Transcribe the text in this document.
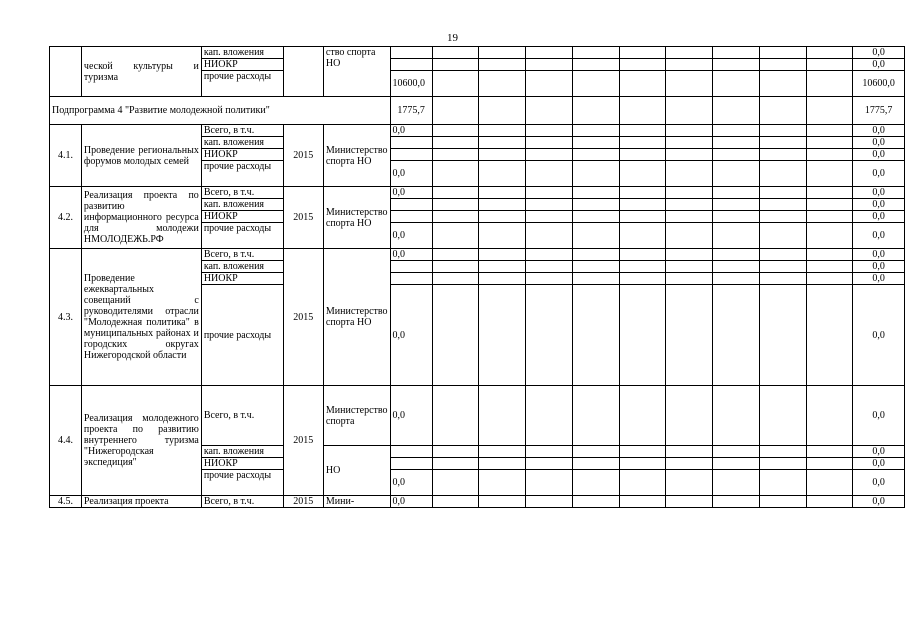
19
	ческой культуры и туризма	кап. вложения		ство спорта НО											0,0
		НИОКР													0,0
		прочие расходы			10600,0										10600,0
Подпрограмма 4 "Развитие молодежной политики"					1775,7										1775,7
4.1.	Проведение региональных форумов молодых семей	Всего, в т.ч.	2015	Министерство спорта НО	0,0										0,0
		кап. вложения													0,0
		НИОКР													0,0
		прочие расходы			0,0										0,0
4.2.	Реализация проекта по развитию информационного ресурса для молодежи НМОЛОДЕЖЬ.РФ	Всего, в т.ч.	2015	Министерство спорта НО	0,0										0,0
		кап. вложения													0,0
		НИОКР													0,0
		прочие расходы			0,0										0,0
4.3.	Проведение ежеквартальных совещаний с руководителями отрасли "Молодежная политика" в муниципальных районах и городских округах Нижегородской области	Всего, в т.ч.	2015	Министерство спорта НО	0,0										0,0
		кап. вложения													0,0
		НИОКР													0,0
		прочие расходы			0,0										0,0
4.4.	Реализация молодежного проекта по развитию внутреннего туризма "Нижегородская экспедиция"	Всего, в т.ч.	2015	Министерство спорта	0,0										0,0
		кап. вложения		НО											0,0
		НИОКР													0,0
		прочие расходы			0,0										0,0
4.5.	Реализация проекта	Всего, в т.ч.	2015	Мини-	0,0										0,0
